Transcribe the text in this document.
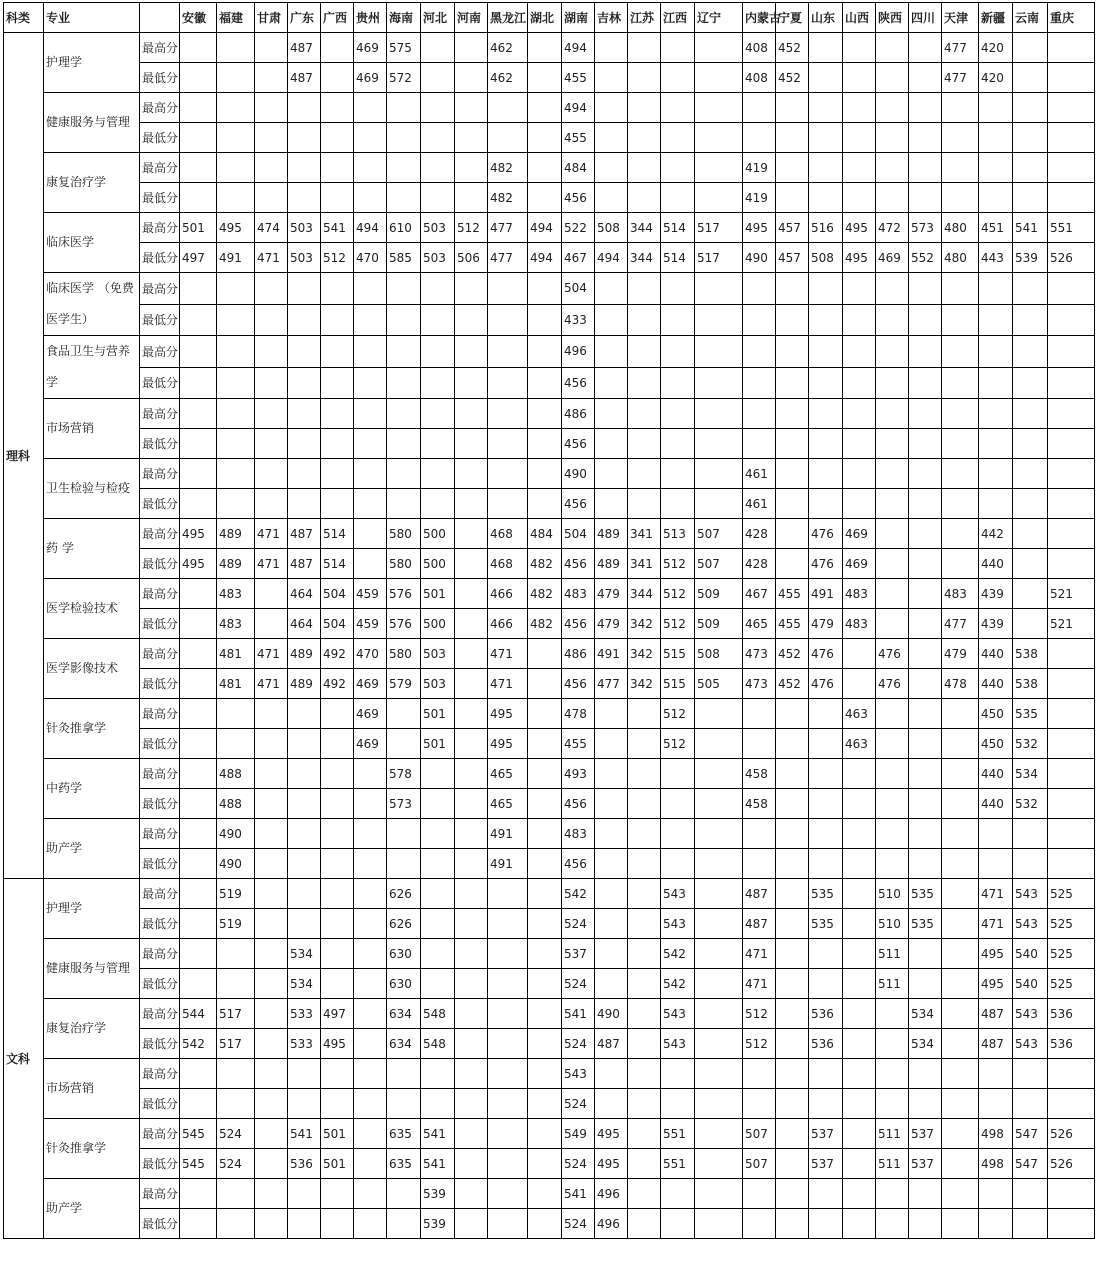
科类	专业		安徽	福建	甘肃	广东	广西	贵州	海南	河北	河南	黑龙江	湖北	湖南	吉林	江苏	江西	辽宁	内蒙古	宁夏	山东	山西	陕西	四川	天津	新疆	云南	重庆
理科	护理学	最高分				487		469	575			462		494					408	452					477	420		
		最低分				487		469	572			462		455					408	452					477	420		
	健康服务与管理	最高分												494														
		最低分												455														
	康复治疗学	最高分										482		484					419									
		最低分										482		456					419									
	临床医学	最高分	501	495	474	503	541	494	610	503	512	477	494	522	508	344	514	517	495	457	516	495	472	573	480	451	541	551
		最低分	497	491	471	503	512	470	585	503	506	477	494	467	494	344	514	517	490	457	508	495	469	552	480	443	539	526
	临床医学 （免费医学生）	最高分												504														
		最低分												433														
	食品卫生与营养学	最高分												496														
		最低分												456														
	市场营销	最高分												486														
		最低分												456														
	卫生检验与检疫	最高分												490					461									
		最低分												456					461									
	药 学	最高分	495	489	471	487	514		580	500		468	484	504	489	341	513	507	428		476	469				442		
		最低分	495	489	471	487	514		580	500		468	482	456	489	341	512	507	428		476	469				440		
	医学检验技术	最高分		483		464	504	459	576	501		466	482	483	479	344	512	509	467	455	491	483			483	439		521
		最低分		483		464	504	459	576	500		466	482	456	479	342	512	509	465	455	479	483			477	439		521
	医学影像技术	最高分		481	471	489	492	470	580	503		471		486	491	342	515	508	473	452	476		476		479	440	538	
		最低分		481	471	489	492	469	579	503		471		456	477	342	515	505	473	452	476		476		478	440	538	
	针灸推拿学	最高分						469		501		495		478			512					463				450	535	
		最低分						469		501		495		455			512					463				450	532	
	中药学	最高分		488					578			465		493					458							440	534	
		最低分		488					573			465		456					458							440	532	
	助产学	最高分		490								491		483														
		最低分		490								491		456														
文科	护理学	最高分		519					626					542			543		487		535		510	535		471	543	525
		最低分		519					626					524			543		487		535		510	535		471	543	525
	健康服务与管理	最高分				534			630					537			542		471				511			495	540	525
		最低分				534			630					524			542		471				511			495	540	525
	康复治疗学	最高分	544	517		533	497		634	548				541	490		543		512		536			534		487	543	536
		最低分	542	517		533	495		634	548				524	487		543		512		536			534		487	543	536
	市场营销	最高分												543														
		最低分												524														
	针灸推拿学	最高分	545	524		541	501		635	541				549	495		551		507		537		511	537		498	547	526
		最低分	545	524		536	501		635	541				524	495		551		507		537		511	537		498	547	526
	助产学	最高分								539				541	496													
		最低分								539				524	496													
